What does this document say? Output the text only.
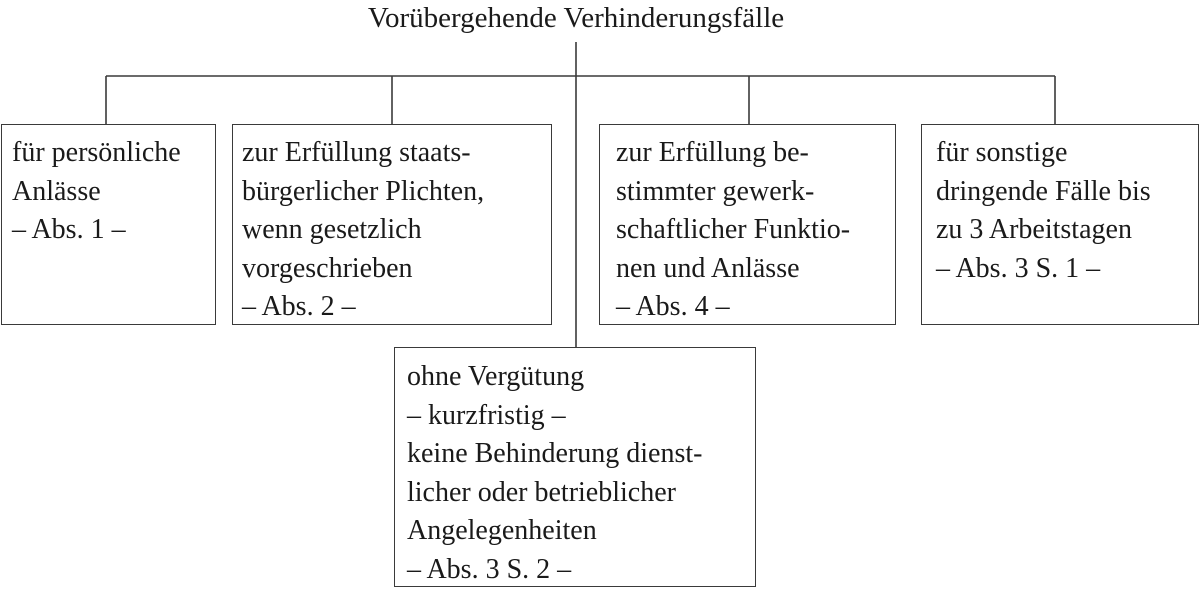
Vorübergehende Verhinderungsfälle
für persönliche
Anlässe
– Abs. 1 –
zur Erfüllung staats-
bürgerlicher Plichten,
wenn gesetzlich
vorgeschrieben
– Abs. 2 –
zur Erfüllung be-
stimmter gewerk-
schaftlicher Funktio-
nen und Anlässe
– Abs. 4 –
für sonstige
dringende Fälle bis
zu 3 Arbeitstagen
– Abs. 3 S. 1 –
ohne Vergütung
– kurzfristig –
keine Behinderung dienst-
licher oder betrieblicher
Angelegenheiten
– Abs. 3 S. 2 –
